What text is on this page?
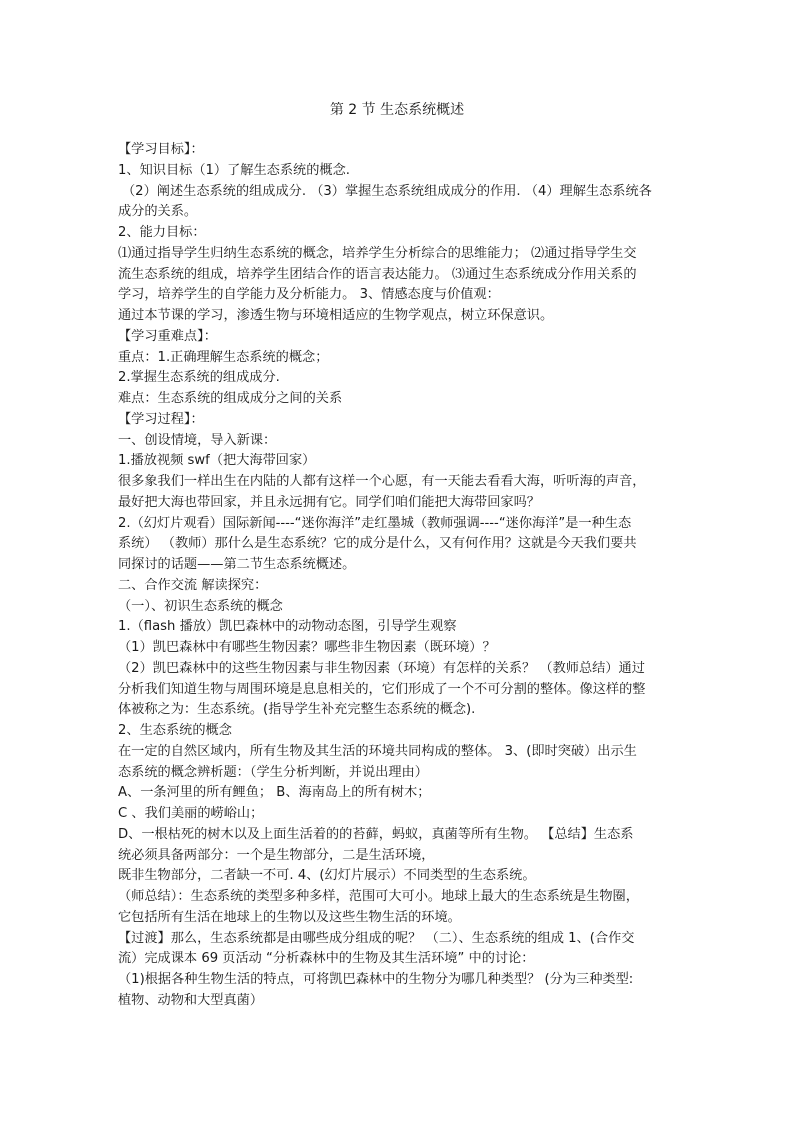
第 2 节 生态系统概述
【学习目标】：
1、知识目标（1）了解生态系统的概念.
（2）阐述生态系统的组成成分. （3）掌握生态系统组成成分的作用. （4）理解生态系统各
成分的关系。
2、能力目标：
⑴通过指导学生归纳生态系统的概念，培养学生分析综合的思维能力； ⑵通过指导学生交
流生态系统的组成，培养学生团结合作的语言表达能力。 ⑶通过生态系统成分作用关系的
学习，培养学生的自学能力及分析能力。 3、情感态度与价值观：
通过本节课的学习，渗透生物与环境相适应的生物学观点，树立环保意识。
【学习重难点】：
重点：1.正确理解生态系统的概念；
2.掌握生态系统的组成成分.
难点：生态系统的组成成分之间的关系
【学习过程】：
一、创设情境，导入新课：
1.播放视频 swf（把大海带回家）
很多象我们一样出生在内陆的人都有这样一个心愿，有一天能去看看大海，听听海的声音，
最好把大海也带回家，并且永远拥有它。同学们咱们能把大海带回家吗？
2.（幻灯片观看）国际新闻----“迷你海洋”走红墨城（教师强调----“迷你海洋”是一种生态
系统） （教师）那什么是生态系统？它的成分是什么，又有何作用？这就是今天我们要共
同探讨的话题——第二节生态系统概述。
二、合作交流 解读探究：
（一）、初识生态系统的概念
1.（flash 播放）凯巴森林中的动物动态图，引导学生观察
（1）凯巴森林中有哪些生物因素？哪些非生物因素（既环境）？
（2）凯巴森林中的这些生物因素与非生物因素（环境）有怎样的关系？ （教师总结）通过
分析我们知道生物与周围环境是息息相关的，它们形成了一个不可分割的整体。像这样的整
体被称之为：生态系统。(指导学生补充完整生态系统的概念).
2、生态系统的概念
在一定的自然区域内，所有生物及其生活的环境共同构成的整体。 3、(即时突破）出示生
态系统的概念辨析题：（学生分析判断，并说出理由）
A、一条河里的所有鲤鱼； B、海南岛上的所有树木；
C 、我们美丽的崂峪山；
D、一根枯死的树木以及上面生活着的的苔藓，蚂蚁，真菌等所有生物。 【总结】生态系
统必须具备两部分：一个是生物部分，二是生活环境，
既非生物部分，二者缺一不可. 4、(幻灯片展示）不同类型的生态系统。
（师总结）：生态系统的类型多种多样，范围可大可小。地球上最大的生态系统是生物圈，
它包括所有生活在地球上的生物以及这些生物生活的环境。
【过渡】那么，生态系统都是由哪些成分组成的呢？ （二）、生态系统的组成 1、(合作交
流）完成课本 69 页活动 “分析森林中的生物及其生活环境” 中的讨论：
（1)根据各种生物生活的特点，可将凯巴森林中的生物分为哪几种类型？ (分为三种类型:
植物、动物和大型真菌）
